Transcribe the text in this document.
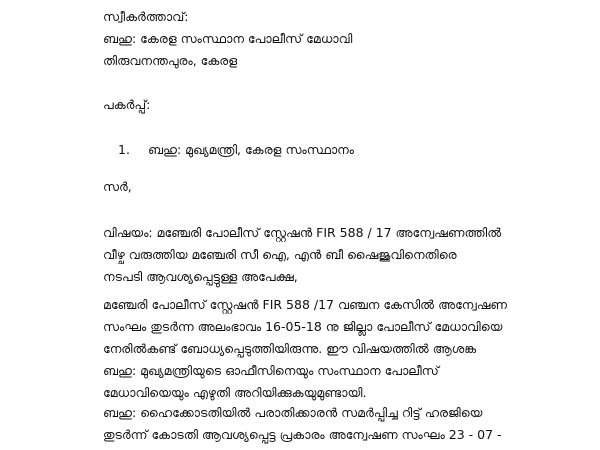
സ്വീകർത്താവ്:
ബഹു: കേരള സംസ്ഥാന പോലീസ് മേധാവി
തിരുവനന്തപുരം, കേരള
പകർപ്പ്:
1. ബഹു: മുഖ്യമന്ത്രി, കേരള സംസ്ഥാനം
സർ,
വിഷയം: മഞ്ചേരി പോലീസ് സ്റ്റേഷൻ FIR 588 / 17 അന്വേഷണത്തിൽ
വീഴ്ച വരുത്തിയ മഞ്ചേരി സീ ഐ, എൻ ബീ ഷൈജുവിനെതിരെ
നടപടി ആവശ്യപ്പെട്ടുള്ള അപേക്ഷ,
മഞ്ചേരി പോലീസ് സ്റ്റേഷൻ FIR 588 /17 വഞ്ചന കേസിൽ അന്വേഷണ
സംഘം തുടർന്ന അലംഭാവം 16-05-18 നു ജില്ലാ പോലീസ് മേധാവിയെ
നേരിൽകണ്ട് ബോധ്യപ്പെടുത്തിയിരുന്നു. ഈ വിഷയത്തിൽ ആശങ്ക
ബഹു: മുഖ്യമന്ത്രിയുടെ ഓഫീസിനെയും സംസ്ഥാന പോലീസ്
മേധാവിയെയും എഴുതി അറിയിക്കുകയുമുണ്ടായി.
ബഹു: ഹൈക്കോടതിയിൽ പരാതിക്കാരൻ സമർപ്പിച്ച റിട്ട് ഹരജിയെ
തുടർന്ന് കോടതി ആവശ്യപ്പെട്ട പ്രകാരം അന്വേഷണ സംഘം 23 - 07 -
